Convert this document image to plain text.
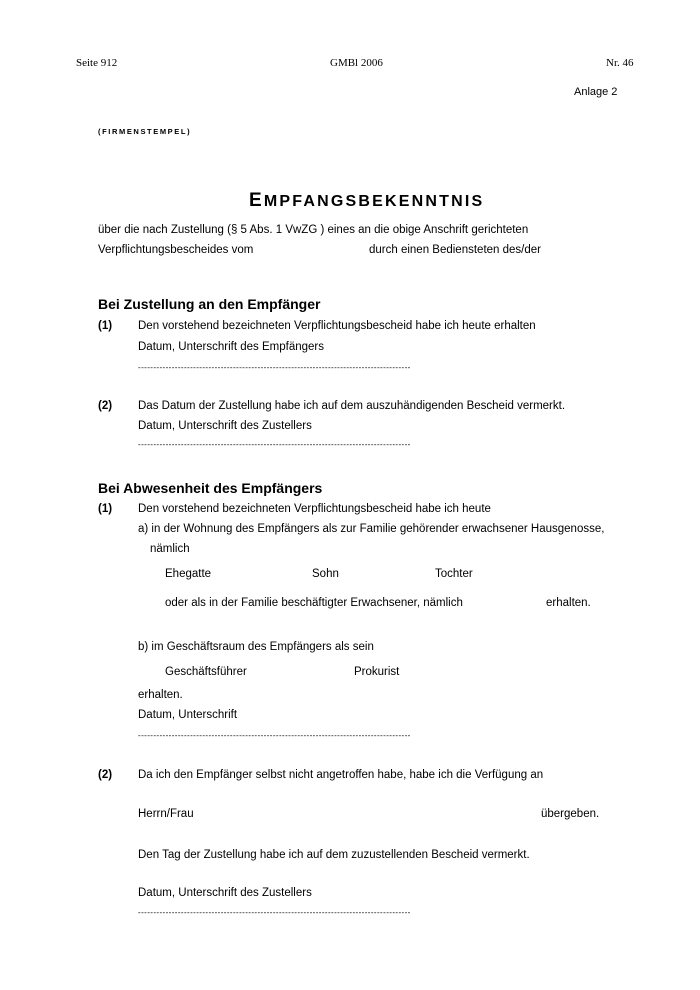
Seite 912	GMBl 2006	Nr. 46
Anlage 2
(FIRMENSTEMPEL)
EMPFANGSBEKENNTNIS
über die nach Zustellung (§ 5 Abs. 1 VwZG ) eines an die obige Anschrift gerichteten
Verpflichtungsbescheides vom	durch einen Bediensteten des/der
Bei Zustellung an den Empfänger
(1) Den vorstehend bezeichneten Verpflichtungsbescheid habe ich heute erhalten
Datum, Unterschrift des Empfängers
-----------------------------------------------------------------------------------------
(2) Das Datum der Zustellung habe ich auf dem auszuhändigenden Bescheid vermerkt.
Datum, Unterschrift des Zustellers
-----------------------------------------------------------------------------------------
Bei Abwesenheit des Empfängers
(1) Den vorstehend bezeichneten Verpflichtungsbescheid habe ich heute
a) in der Wohnung des Empfängers als zur Familie gehörender erwachsener Hausgenosse,
nämlich
Ehegatte	Sohn	Tochter
oder als in der Familie beschäftigter Erwachsener, nämlich	erhalten.
b) im Geschäftsraum des Empfängers als sein
Geschäftsführer	Prokurist
erhalten.
Datum, Unterschrift
-----------------------------------------------------------------------------------------
(2) Da ich den Empfänger selbst nicht angetroffen habe, habe ich die Verfügung an
Herrn/Frau	übergeben.
Den Tag der Zustellung habe ich auf dem zuzustellenden Bescheid vermerkt.
Datum, Unterschrift des Zustellers
-----------------------------------------------------------------------------------------
